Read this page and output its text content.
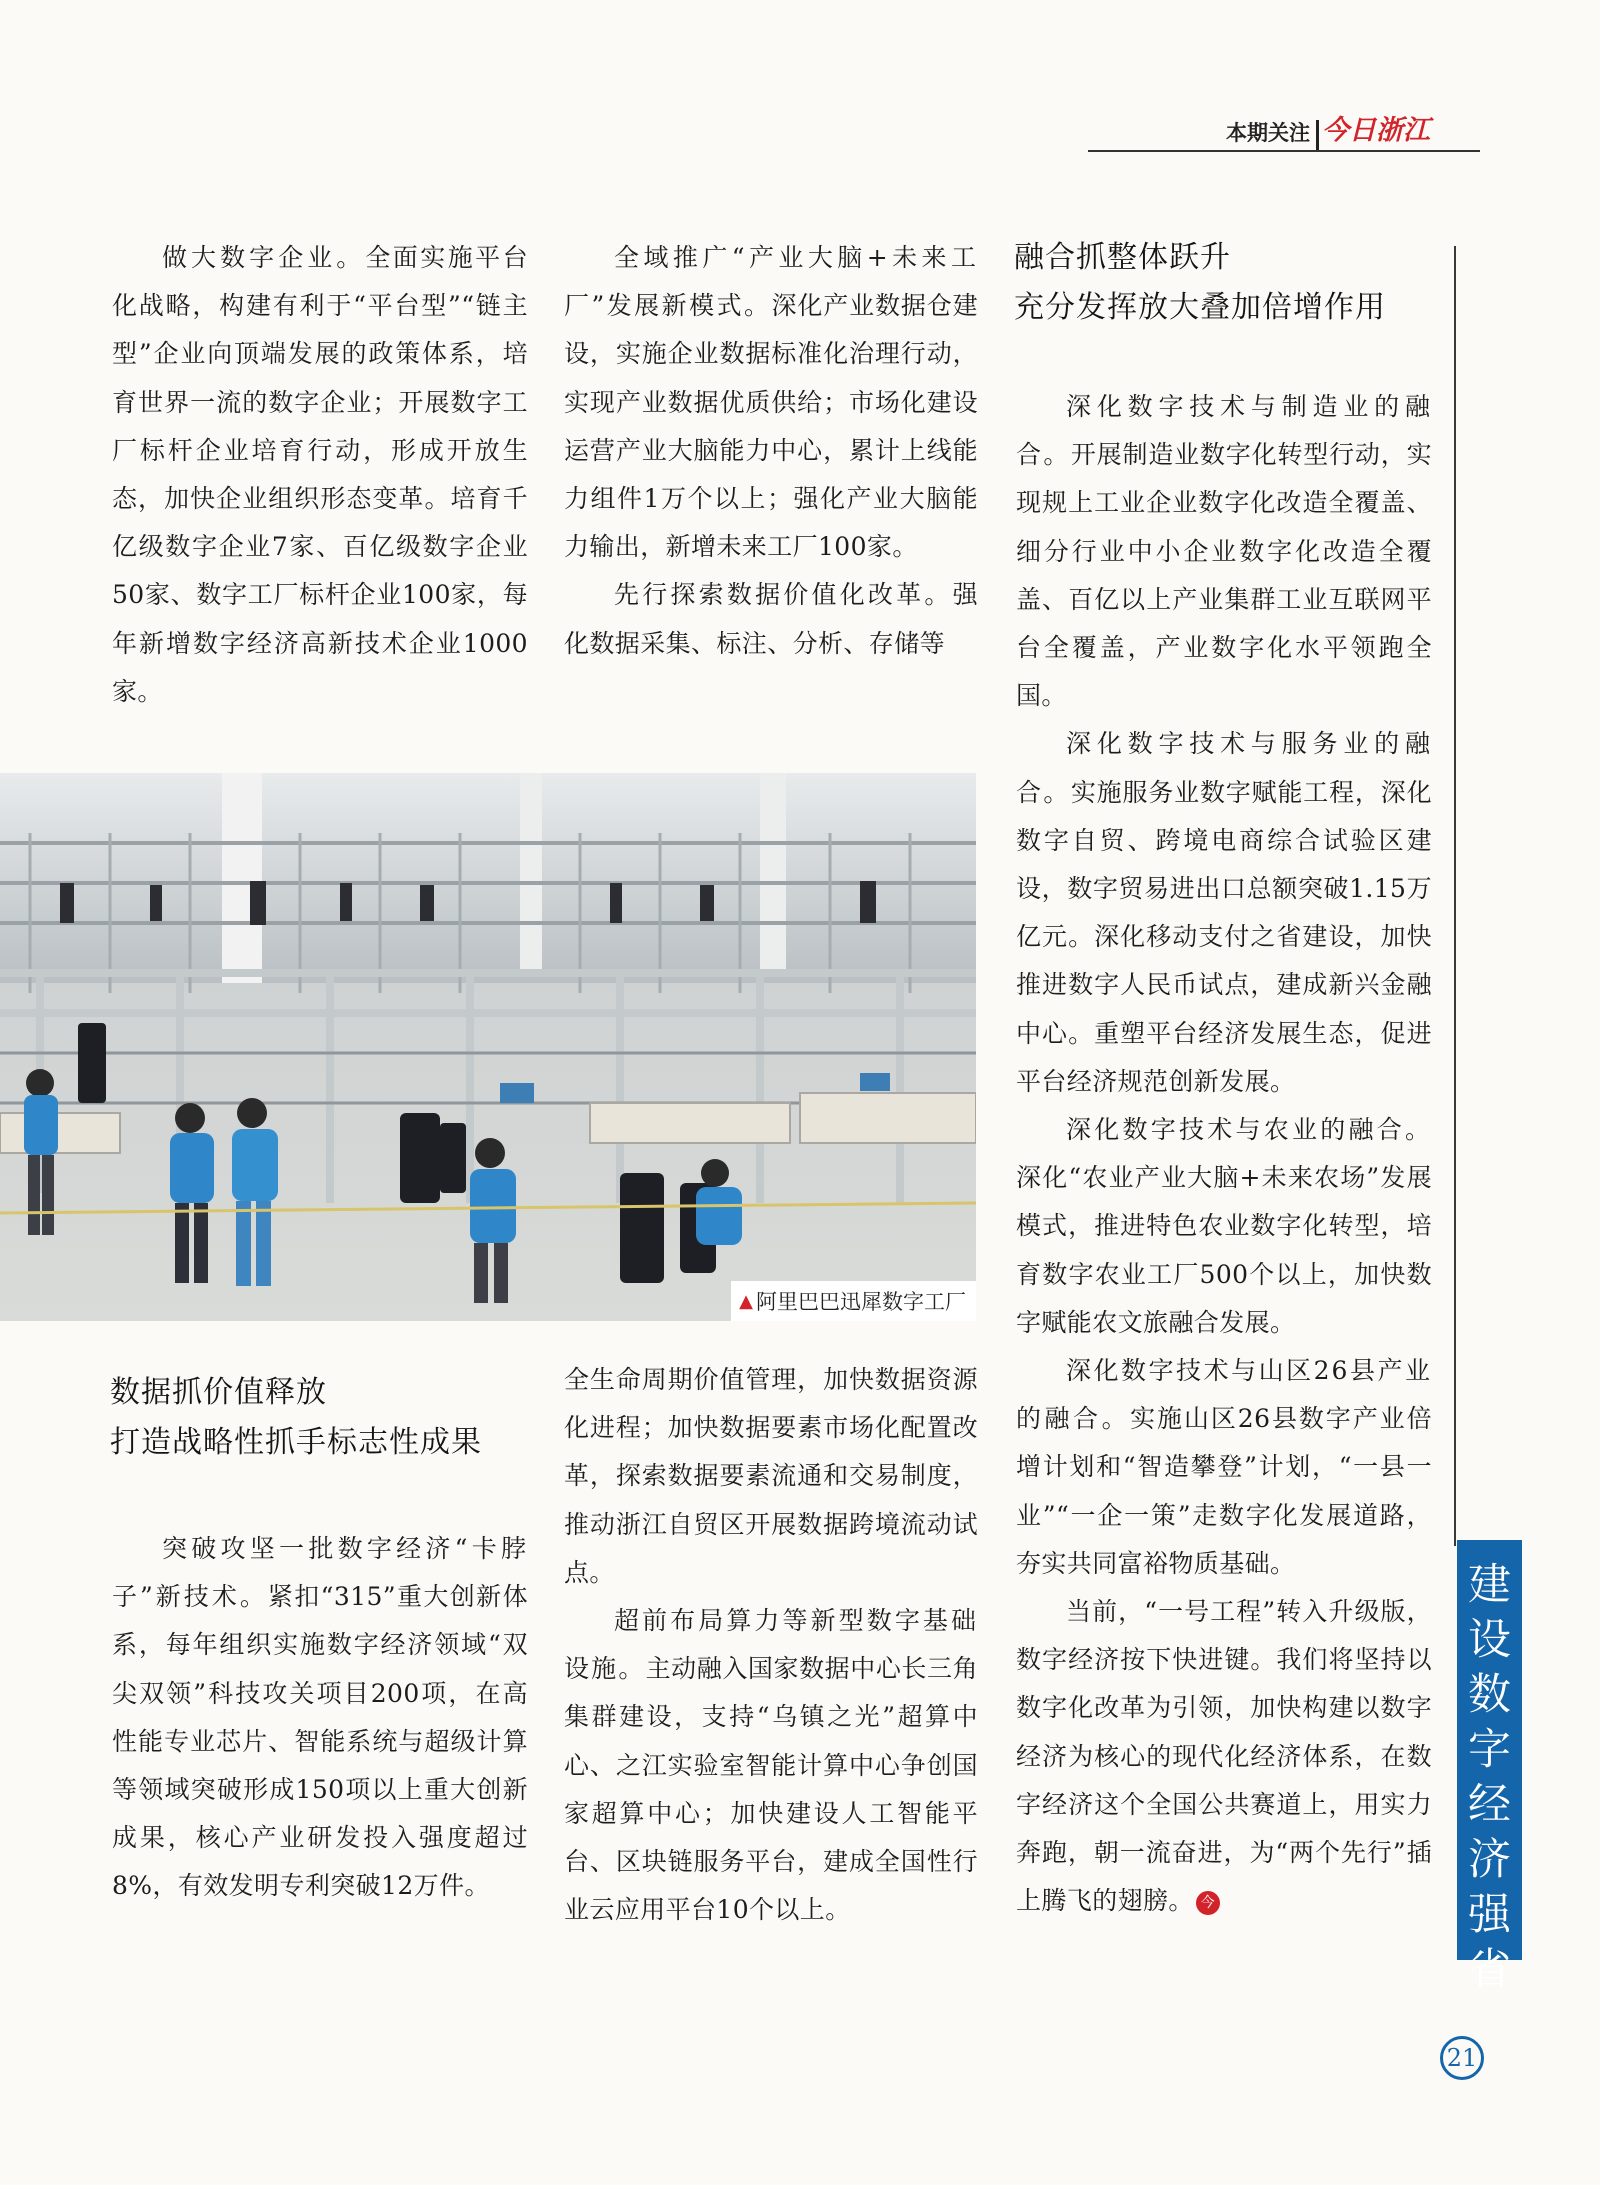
本期关注 今日浙江

做大数字企业。全面实施平台化战略，构建有利于“平台型”“链主型”企业向顶端发展的政策体系，培育世界一流的数字企业；开展数字工厂标杆企业培育行动，形成开放生态，加快企业组织形态变革。培育千亿级数字企业7家、百亿级数字企业50家、数字工厂标杆企业100家，每年新增数字经济高新技术企业1000家。

全域推广“产业大脑+未来工厂”发展新模式。深化产业数据仓建设，实施企业数据标准化治理行动，实现产业数据优质供给；市场化建设运营产业大脑能力中心，累计上线能力组件1万个以上；强化产业大脑能力输出，新增未来工厂100家。

先行探索数据价值化改革。强化数据采集、标注、分析、存储等

融合抓整体跃升
充分发挥放大叠加倍增作用

深化数字技术与制造业的融合。开展制造业数字化转型行动，实现规上工业企业数字化改造全覆盖、细分行业中小企业数字化改造全覆盖、百亿以上产业集群工业互联网平台全覆盖，产业数字化水平领跑全国。

深化数字技术与服务业的融合。实施服务业数字赋能工程，深化数字自贸、跨境电商综合试验区建设，数字贸易进出口总额突破1.15万亿元。深化移动支付之省建设，加快推进数字人民币试点，建成新兴金融中心。重塑平台经济发展生态，促进平台经济规范创新发展。

深化数字技术与农业的融合。深化“农业产业大脑+未来农场”发展模式，推进特色农业数字化转型，培育数字农业工厂500个以上，加快数字赋能农文旅融合发展。

深化数字技术与山区26县产业的融合。实施山区26县数字产业倍增计划和“智造攀登”计划，“一县一业”“一企一策”走数字化发展道路，夯实共同富裕物质基础。

当前，“一号工程”转入升级版，数字经济按下快进键。我们将坚持以数字化改革为引领，加快构建以数字经济为核心的现代化经济体系，在数字经济这个全国公共赛道上，用实力奔跑，朝一流奋进，为“两个先行”插上腾飞的翅膀。 今

▲ 阿里巴巴迅犀数字工厂
数据抓价值释放
打造战略性抓手标志性成果

突破攻坚一批数字经济“卡脖子”新技术。紧扣“315”重大创新体系，每年组织实施数字经济领域“双尖双领”科技攻关项目200项，在高性能专业芯片、智能系统与超级计算等领域突破形成150项以上重大创新成果，核心产业研发投入强度超过8%，有效发明专利突破12万件。

全生命周期价值管理，加快数据资源化进程；加快数据要素市场化配置改革，探索数据要素流通和交易制度，推动浙江自贸区开展数据跨境流动试点。

超前布局算力等新型数字基础设施。主动融入国家数据中心长三角集群建设，支持“乌镇之光”超算中心、之江实验室智能计算中心争创国家超算中心；加快建设人工智能平台、区块链服务平台，建成全国性行业云应用平台10个以上。

建
设
数
字
经
济
强
省
21
